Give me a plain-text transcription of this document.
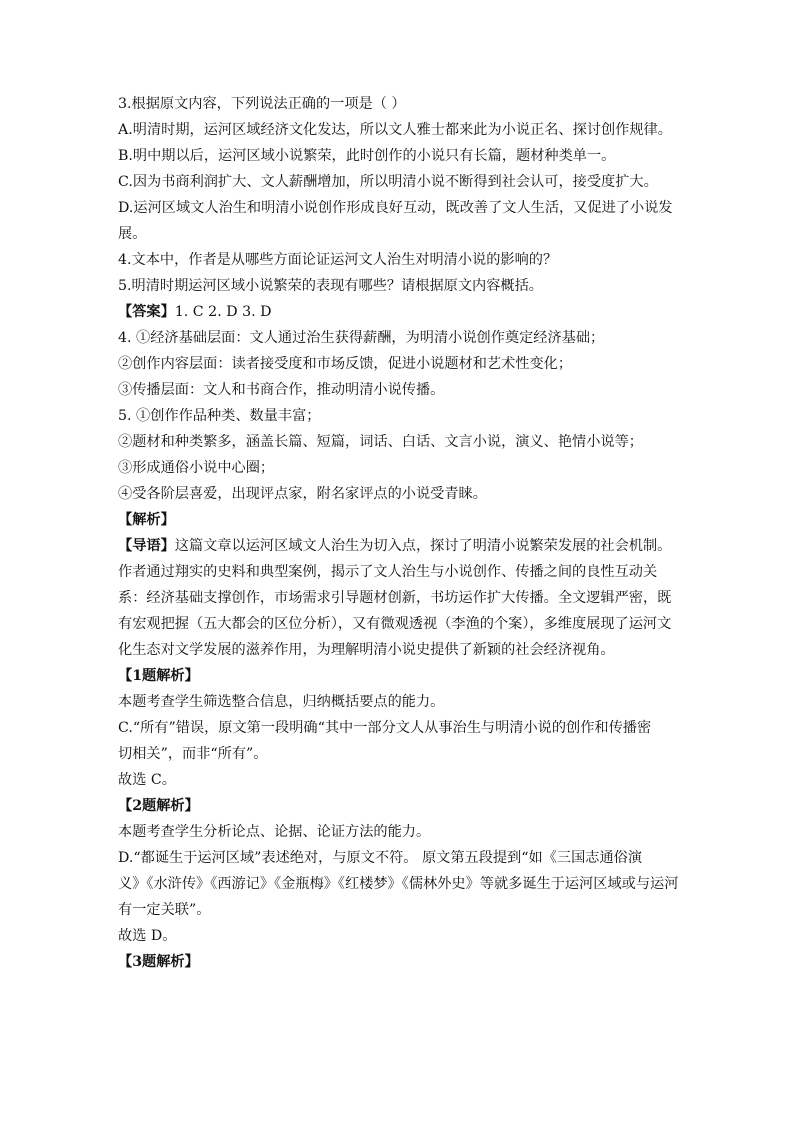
3.根据原文内容，下列说法正确的一项是（ ）
A.明清时期，运河区域经济文化发达，所以文人雅士都来此为小说正名、探讨创作规律。
B.明中期以后，运河区域小说繁荣，此时创作的小说只有长篇，题材种类单一。
C.因为书商利润扩大、文人薪酬增加，所以明清小说不断得到社会认可，接受度扩大。
D.运河区域文人治生和明清小说创作形成良好互动，既改善了文人生活，又促进了小说发
展。
4.文本中，作者是从哪些方面论证运河文人治生对明清小说的影响的？
5.明清时期运河区域小说繁荣的表现有哪些？请根据原文内容概括。
【答案】1. C 2. D 3. D
4. ①经济基础层面：文人通过治生获得薪酬，为明清小说创作奠定经济基础；
②创作内容层面：读者接受度和市场反馈，促进小说题材和艺术性变化；
③传播层面：文人和书商合作，推动明清小说传播。
5. ①创作作品种类、数量丰富；
②题材和种类繁多，涵盖长篇、短篇，词话、白话、文言小说，演义、艳情小说等；
③形成通俗小说中心圈；
④受各阶层喜爱，出现评点家，附名家评点的小说受青睐。
【解析】
【导语】这篇文章以运河区域文人治生为切入点，探讨了明清小说繁荣发展的社会机制。
作者通过翔实的史料和典型案例，揭示了文人治生与小说创作、传播之间的良性互动关
系：经济基础支撑创作，市场需求引导题材创新，书坊运作扩大传播。全文逻辑严密，既
有宏观把握（五大都会的区位分析），又有微观透视（李渔的个案），多维度展现了运河文
化生态对文学发展的滋养作用，为理解明清小说史提供了新颖的社会经济视角。
【1题解析】
本题考查学生筛选整合信息，归纳概括要点的能力。
C.“所有”错误，原文第一段明确“其中一部分文人从事治生与明清小说的创作和传播密
切相关”，而非“所有”。
故选 C。
【2题解析】
本题考查学生分析论点、论据、论证方法的能力。
D.“都诞生于运河区域”表述绝对，与原文不符。 原文第五段提到“如《三国志通俗演
义》《水浒传》《西游记》《金瓶梅》《红楼梦》《儒林外史》等就多诞生于运河区域或与运河
有一定关联”。
故选 D。
【3题解析】
